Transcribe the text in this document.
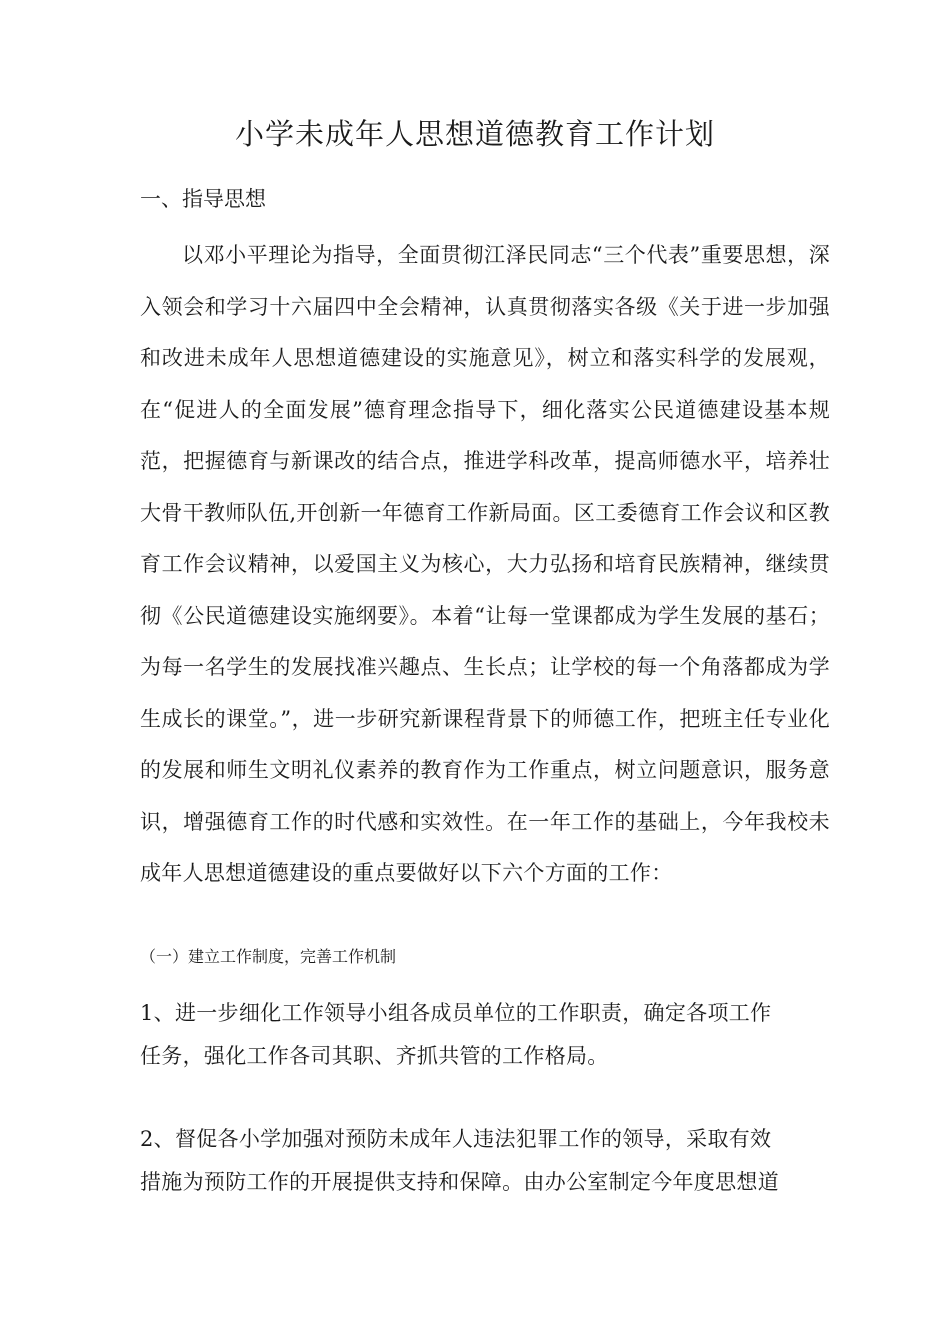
小学未成年人思想道德教育工作计划
一、指导思想

以邓小平理论为指导，全面贯彻江泽民同志“三个代表”重要思想，深入领会和学习十六届四中全会精神，认真贯彻落实各级《关于进一步加强和改进未成年人思想道德建设的实施意见》，树立和落实科学的发展观，在“促进人的全面发展”德育理念指导下，细化落实公民道德建设基本规范，把握德育与新课改的结合点，推进学科改革，提高师德水平，培养壮大骨干教师队伍,开创新一年德育工作新局面。区工委德育工作会议和区教育工作会议精神，以爱国主义为核心，大力弘扬和培育民族精神，继续贯彻《公民道德建设实施纲要》。本着“让每一堂课都成为学生发展的基石；为每一名学生的发展找准兴趣点、生长点；让学校的每一个角落都成为学生成长的课堂。”，进一步研究新课程背景下的师德工作，把班主任专业化的发展和师生文明礼仪素养的教育作为工作重点，树立问题意识，服务意识，增强德育工作的时代感和实效性。在一年工作的基础上，今年我校未成年人思想道德建设的重点要做好以下六个方面的工作：

（一）建立工作制度，完善工作机制
1、进一步细化工作领导小组各成员单位的工作职责，确定各项工作
任务，强化工作各司其职、齐抓共管的工作格局。
2、督促各小学加强对预防未成年人违法犯罪工作的领导，采取有效
措施为预防工作的开展提供支持和保障。由办公室制定今年度思想道
